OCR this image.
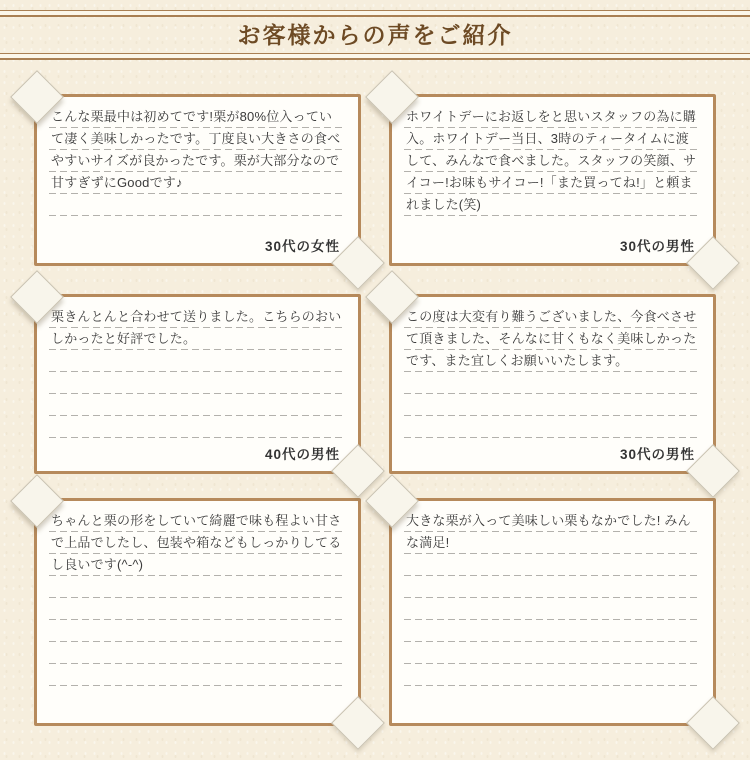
お客様からの声をご紹介

こんな栗最中は初めてです!栗が80%位入っていて凄く美味しかったです。丁度良い大きさの食べやすいサイズが良かったです。栗が大部分なので甘すぎずにGoodです♪

30代の女性

ホワイトデーにお返しをと思いスタッフの為に購入。ホワイトデー当日、3時のティータイムに渡して、みんなで食べました。スタッフの笑顔、サイコー!お味もサイコー!「また買ってね!」と頼まれました(笑)

30代の男性

栗きんとんと合わせて送りました。こちらのおいしかったと好評でした。

40代の男性

この度は大変有り難うございました、今食べさせて頂きました、そんなに甘くもなく美味しかったです、また宜しくお願いいたします。

30代の男性

ちゃんと栗の形をしていて綺麗で味も程よい甘さで上品でしたし、包装や箱などもしっかりしてるし良いです(^-^)

大きな栗が入って美味しい栗もなかでした! みんな満足!
